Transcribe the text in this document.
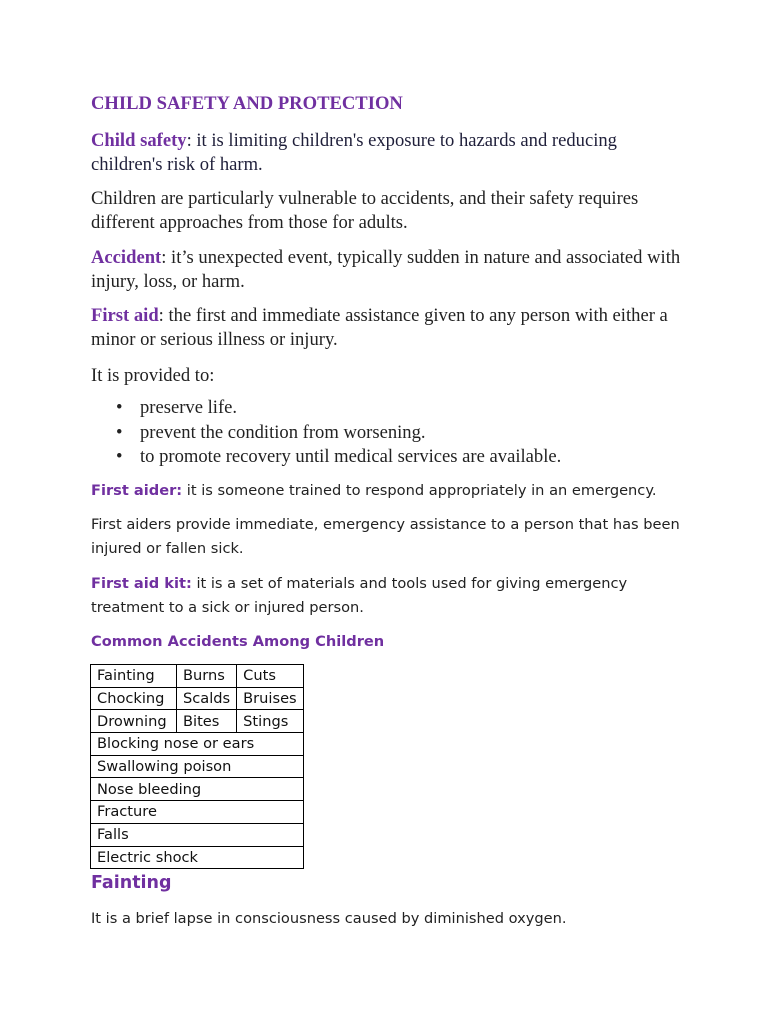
CHILD SAFETY AND PROTECTION

Child safety: it is limiting children's exposure to hazards and reducing children's risk of harm.

Children are particularly vulnerable to accidents, and their safety requires different approaches from those for adults.

Accident: it’s unexpected event, typically sudden in nature and associated with injury, loss, or harm.

First aid: the first and immediate assistance given to any person with either a minor or serious illness or injury.

It is provided to:

• preserve life.
• prevent the condition from worsening.
• to promote recovery until medical services are available.

First aider: it is someone trained to respond appropriately in an emergency.

First aiders provide immediate, emergency assistance to a person that has been injured or fallen sick.

First aid kit: it is a set of materials and tools used for giving emergency treatment to a sick or injured person.

Common Accidents Among Children
Fainting	Burns	Cuts
Chocking	Scalds	Bruises
Drowning	Bites	Stings
Blocking nose or ears		
Swallowing poison		
Nose bleeding		
Fracture		
Falls		
Electric shock		
Fainting

It is a brief lapse in consciousness caused by diminished oxygen.
